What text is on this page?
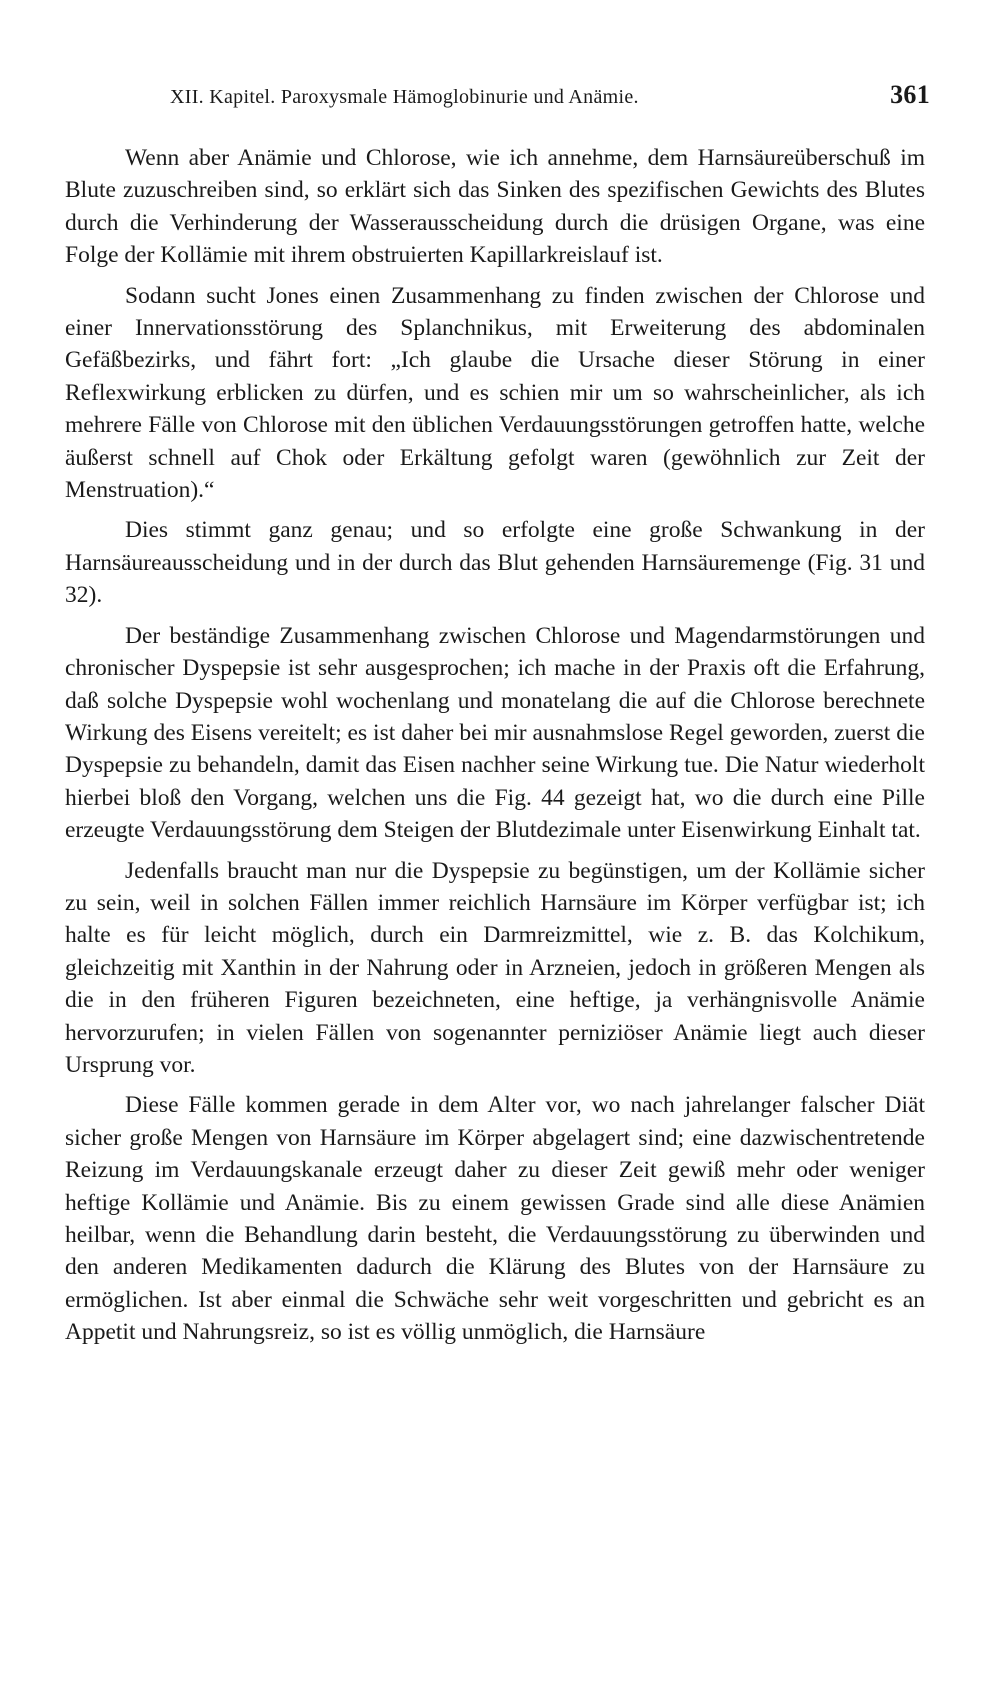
XII. Kapitel. Paroxysmale Hämoglobinurie und Anämie.	361

Wenn aber Anämie und Chlorose, wie ich annehme, dem Harnsäureüberschuß im Blute zuzuschreiben sind, so erklärt sich das Sinken des spezifischen Gewichts des Blutes durch die Verhinderung der Wasserausscheidung durch die drüsigen Organe, was eine Folge der Kollämie mit ihrem obstruierten Kapillarkreislauf ist.

Sodann sucht Jones einen Zusammenhang zu finden zwischen der Chlorose und einer Innervationsstörung des Splanchnikus, mit Erweiterung des abdominalen Gefäßbezirks, und fährt fort: „Ich glaube die Ursache dieser Störung in einer Reflexwirkung erblicken zu dürfen, und es schien mir um so wahrscheinlicher, als ich mehrere Fälle von Chlorose mit den üblichen Verdauungsstörungen getroffen hatte, welche äußerst schnell auf Chok oder Erkältung gefolgt waren (gewöhnlich zur Zeit der Menstruation).“

Dies stimmt ganz genau; und so erfolgte eine große Schwankung in der Harnsäureausscheidung und in der durch das Blut gehenden Harnsäuremenge (Fig. 31 und 32).

Der beständige Zusammenhang zwischen Chlorose und Magendarmstörungen und chronischer Dyspepsie ist sehr ausgesprochen; ich mache in der Praxis oft die Erfahrung, daß solche Dyspepsie wohl wochenlang und monatelang die auf die Chlorose berechnete Wirkung des Eisens vereitelt; es ist daher bei mir ausnahmslose Regel geworden, zuerst die Dyspepsie zu behandeln, damit das Eisen nachher seine Wirkung tue. Die Natur wiederholt hierbei bloß den Vorgang, welchen uns die Fig. 44 gezeigt hat, wo die durch eine Pille erzeugte Verdauungsstörung dem Steigen der Blutdezimale unter Eisenwirkung Einhalt tat.

Jedenfalls braucht man nur die Dyspepsie zu begünstigen, um der Kollämie sicher zu sein, weil in solchen Fällen immer reichlich Harnsäure im Körper verfügbar ist; ich halte es für leicht möglich, durch ein Darmreizmittel, wie z. B. das Kolchikum, gleichzeitig mit Xanthin in der Nahrung oder in Arzneien, jedoch in größeren Mengen als die in den früheren Figuren bezeichneten, eine heftige, ja verhängnisvolle Anämie hervorzurufen; in vielen Fällen von sogenannter perniziöser Anämie liegt auch dieser Ursprung vor.

Diese Fälle kommen gerade in dem Alter vor, wo nach jahrelanger falscher Diät sicher große Mengen von Harnsäure im Körper abgelagert sind; eine dazwischentretende Reizung im Verdauungskanale erzeugt daher zu dieser Zeit gewiß mehr oder weniger heftige Kollämie und Anämie. Bis zu einem gewissen Grade sind alle diese Anämien heilbar, wenn die Behandlung darin besteht, die Verdauungsstörung zu überwinden und den anderen Medikamenten dadurch die Klärung des Blutes von der Harnsäure zu ermöglichen. Ist aber einmal die Schwäche sehr weit vorgeschritten und gebricht es an Appetit und Nahrungsreiz, so ist es völlig unmöglich, die Harnsäure
